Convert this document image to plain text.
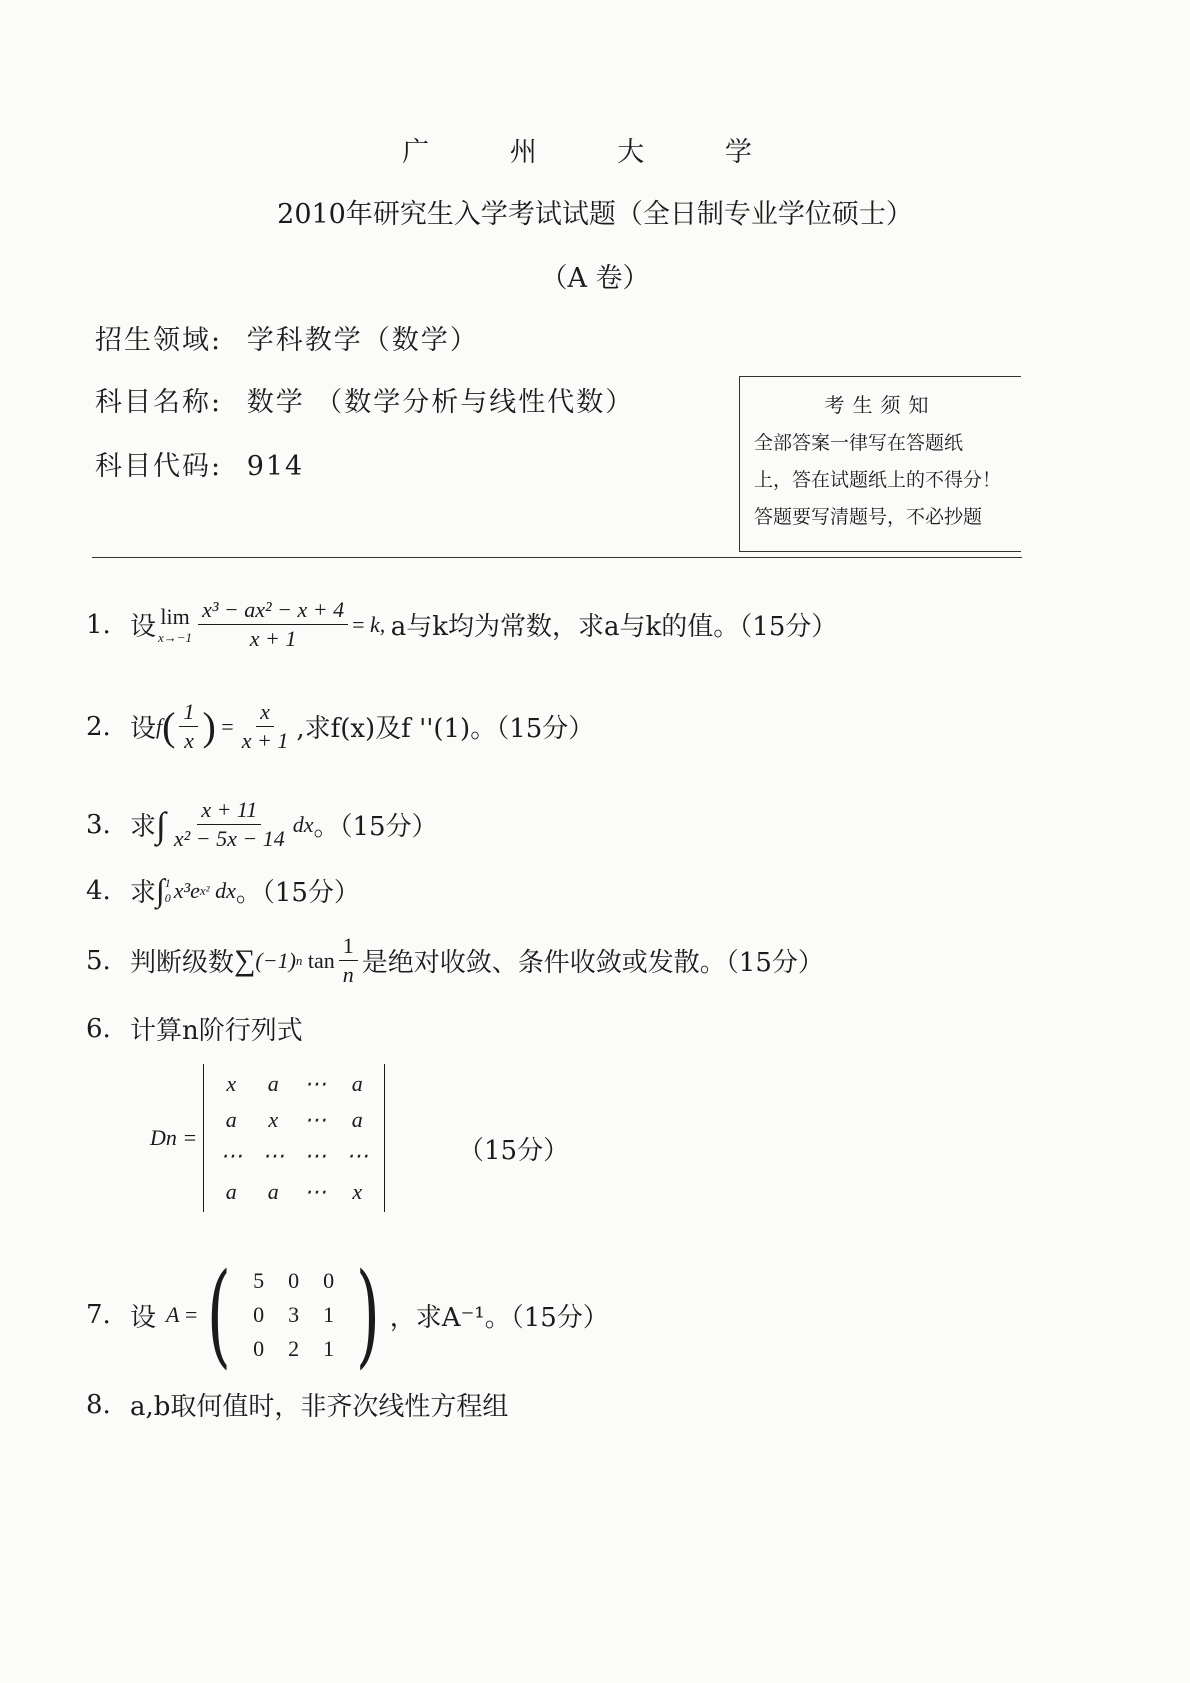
广 州 大 学
2010年研究生入学考试试题（全日制专业学位硕士）
（A 卷）
招生领域: 学科教学（数学）
科目名称: 数学 （数学分析与线性代数）
科目代码: 914
考生须知
全部答案一律写在答题纸
上，答在试题纸上的不得分！
答题要写清题号，不必抄题
1. 设 lim
$x\to-1 \frac{\text{x³ − ax² − x + 4}}{x + 1} = k$, a与k均为常数，求a与k的值。（15分）
2. 设 f ( $\frac{1}{x}$ ) = $\frac{x}{x + 1}$ ,求f(x)及f ''(1)。（15分）
3. 求 ∫ $\frac{x + 11}{\text{x² − 5x − 14}}$ dx 。（15分）
4. 求 ∫ 1
0 x³e x² dx 。（15分）
5. 判断级数 ∑ (−1) n
$\tan \frac{1}{n}$ 是绝对收敛、条件收敛或发散。（15分）
6. 计算n阶行列式
Dn =
x	a	⋯	a
a	x	⋯	a
⋯	⋯	⋯	⋯
a	a	⋯	x
（15分）
7. 设 A = ( 5	0	0
0	3	1
0	2	1 ) ，求A⁻¹。（15分）
8. a,b取何值时，非齐次线性方程组
